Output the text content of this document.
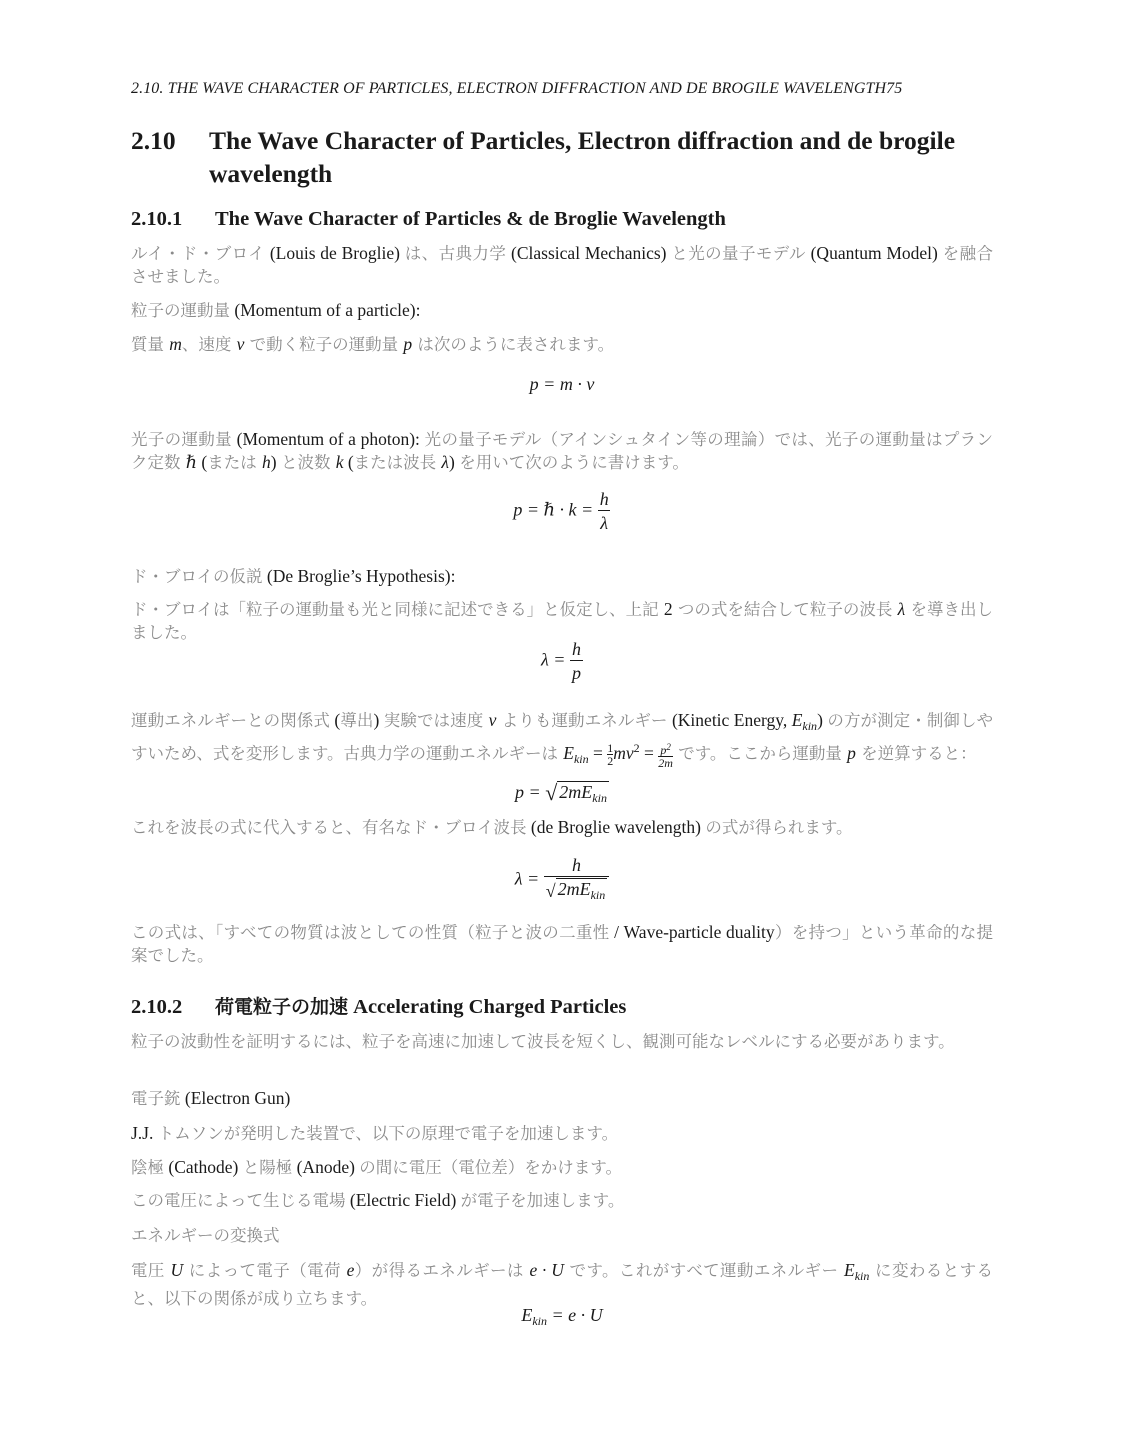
2.10. THE WAVE CHARACTER OF PARTICLES, ELECTRON DIFFRACTION AND DE BROGILE WAVELENGTH75
2.10 The Wave Character of Particles, Electron diffraction and de brogile wavelength
2.10.1 The Wave Character of Particles & de Broglie Wavelength
ルイ・ド・ブロイ (Louis de Broglie) は、古典力学 (Classical Mechanics) と光の量子モデル (Quantum Model) を融合させました。
粒子の運動量 (Momentum of a particle):
質量 m、速度 v で動く粒子の運動量 p は次のように表されます。
p = m · v
光子の運動量 (Momentum of a photon): 光の量子モデル（アインシュタイン等の理論）では、光子の運動量はプランク定数 ℏ (または h) と波数 k (または波長 λ) を用いて次のように書けます。
p = ℏ · $k = \frac{h}{\lambda}$
ド・ブロイの仮説 (De Broglie’s Hypothesis):
ド・ブロイは「粒子の運動量も光と同様に記述できる」と仮定し、上記 2 つの式を結合して粒子の波長 λ を導き出しました。
$\lambda = \frac{h}{p}$
運動エネルギーとの関係式 (導出) 実験では速度 v よりも運動エネルギー (Kinetic Energy, $E_{kin}$) の方が測定・制御しやすいため、式を変形します。古典力学の運動エネルギーは $E_{kin} = \frac{1}{2} mv^2 = \frac{p^2}{2m}$ です。ここから運動量 p を逆算すると：
p = √ $2mE_{kin}$
これを波長の式に代入すると、有名なド・ブロイ波長 (de Broglie wavelength) の式が得られます。
$\lambda = \frac{h}{√ 2mE_{kin}}$
この式は、「すべての物質は波としての性質（粒子と波の二重性 / Wave-particle duality）を持つ」という革命的な提案でした。
2.10.2 荷電粒子の加速 Accelerating Charged Particles
粒子の波動性を証明するには、粒子を高速に加速して波長を短くし、観測可能なレベルにする必要があります。
電子銃 (Electron Gun)
J.J. トムソンが発明した装置で、以下の原理で電子を加速します。
陰極 (Cathode) と陽極 (Anode) の間に電圧（電位差）をかけます。
この電圧によって生じる電場 (Electric Field) が電子を加速します。
エネルギーの変換式
電圧 U によって電子（電荷 e）が得るエネルギーは e · U です。これがすべて運動エネルギー $E_{kin}$ に変わるとすると、以下の関係が成り立ちます。
$E_{kin} = e \cdot U$
